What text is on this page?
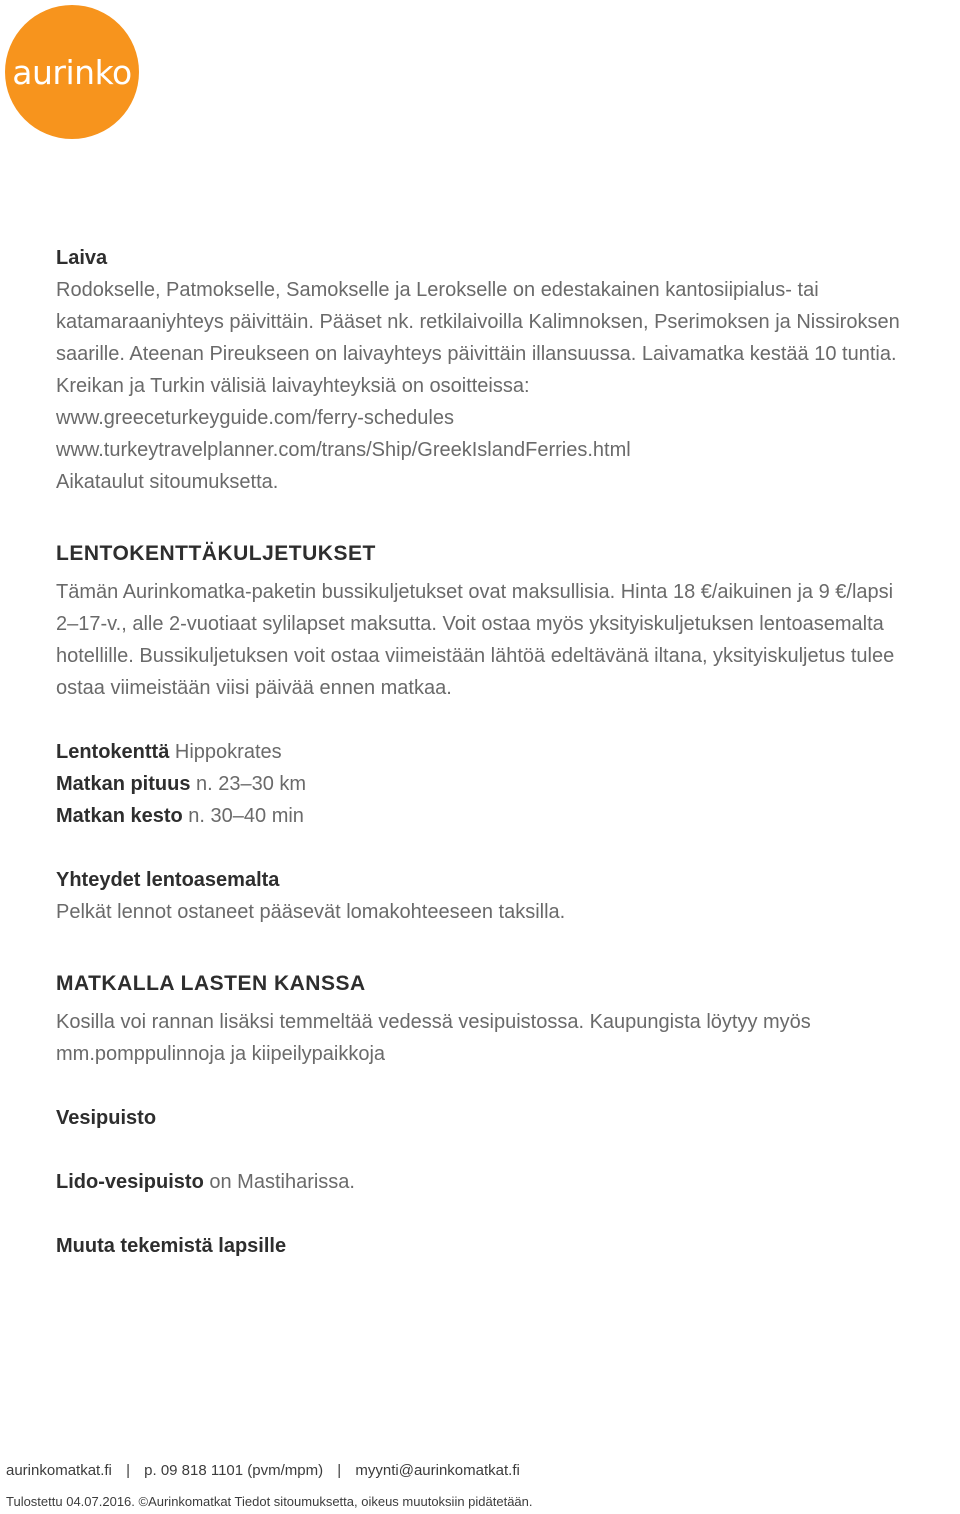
aurinko
Laiva
Rodokselle, Patmokselle, Samokselle ja Lerokselle on edestakainen kantosiipialus- tai
katamaraaniyhteys päivittäin. Pääset nk. retkilaivoilla Kalimnoksen, Pserimoksen ja Nissiroksen
saarille. Ateenan Pireukseen on laivayhteys päivittäin illansuussa. Laivamatka kestää 10 tuntia.
Kreikan ja Turkin välisiä laivayhteyksiä on osoitteissa:
www.greeceturkeyguide.com/ferry-schedules
www.turkeytravelplanner.com/trans/Ship/GreekIslandFerries.html
Aikataulut sitoumuksetta.
LENTOKENTTÄKULJETUKSET
Tämän Aurinkomatka-paketin bussikuljetukset ovat maksullisia. Hinta 18 €/aikuinen ja 9 €/lapsi
2–17-v., alle 2-vuotiaat sylilapset maksutta. Voit ostaa myös yksityiskuljetuksen lentoasemalta
hotellille. Bussikuljetuksen voit ostaa viimeistään lähtöä edeltävänä iltana, yksityiskuljetus tulee
ostaa viimeistään viisi päivää ennen matkaa.
Lentokenttä Hippokrates
Matkan pituus n. 23–30 km
Matkan kesto n. 30–40 min
Yhteydet lentoasemalta
Pelkät lennot ostaneet pääsevät lomakohteeseen taksilla.
MATKALLA LASTEN KANSSA
Kosilla voi rannan lisäksi temmeltää vedessä vesipuistossa. Kaupungista löytyy myös
mm.pomppulinnoja ja kiipeilypaikkoja
Vesipuisto
Lido-vesipuisto on Mastiharissa.
Muuta tekemistä lapsille
aurinkomatkat.fi | p. 09 818 1101 (pvm/mpm) | myynti@aurinkomatkat.fi
Tulostettu 04.07.2016. ©Aurinkomatkat Tiedot sitoumuksetta, oikeus muutoksiin pidätetään.
